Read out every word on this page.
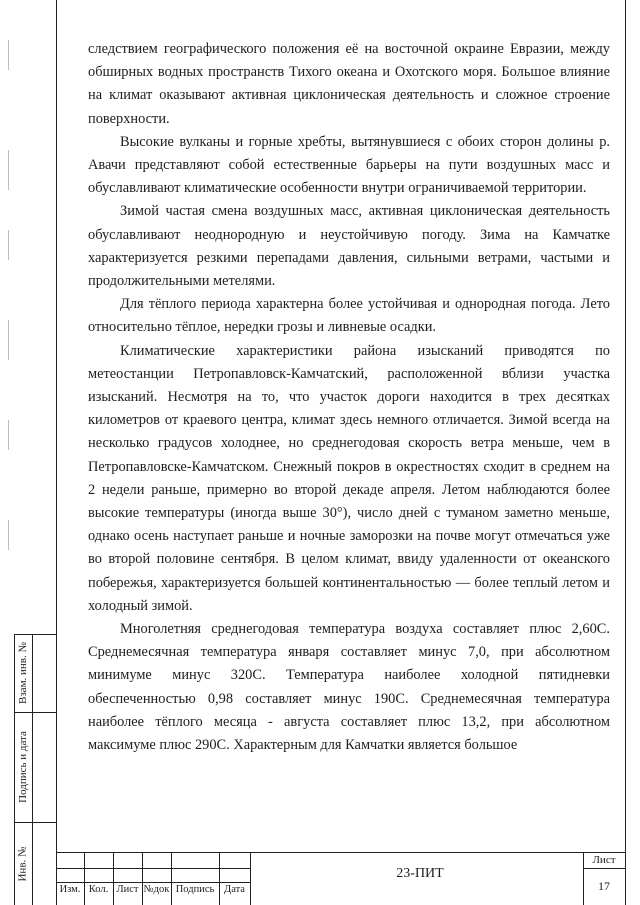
следствием географического положения её на восточной окраине Евразии, между обширных водных пространств Тихого океана и Охотского моря. Большое влияние на климат оказывают активная циклоническая деятельность и сложное строение поверхности.

Высокие вулканы и горные хребты, вытянувшиеся с обоих сторон долины р. Авачи представляют собой естественные барьеры на пути воздушных масс и обуславливают климатические особенности внутри ограничиваемой территории.

Зимой частая смена воздушных масс, активная циклоническая деятельность обуславливают неоднородную и неустойчивую погоду. Зима на Камчатке характеризуется резкими перепадами давления, сильными ветрами, частыми и продолжительными метелями.

Для тёплого периода характерна более устойчивая и однородная погода. Лето относительно тёплое, нередки грозы и ливневые осадки.

Климатические характеристики района изысканий приводятся по метеостанции Петропавловск-Камчатский, расположенной вблизи участка изысканий. Несмотря на то, что участок дороги находится в трех десятках километров от краевого центра, климат здесь немного отличается. Зимой всегда на несколько градусов холоднее, но среднегодовая скорость ветра меньше, чем в Петропавловске-Камчатском. Снежный покров в окрестностях сходит в среднем на 2 недели раньше, примерно во второй декаде апреля. Летом наблюдаются более высокие температуры (иногда выше 30°), число дней с туманом заметно меньше, однако осень наступает раньше и ночные заморозки на почве могут отмечаться уже во второй половине сентября. В целом климат, ввиду удаленности от океанского побережья, характеризуется большей континентальностью — более теплый летом и холодный зимой.

Многолетняя среднегодовая температура воздуха составляет плюс 2,60С. Среднемесячная температура января составляет минус 7,0, при абсолютном минимуме минус 320С. Температура наиболее холодной пятидневки обеспеченностью 0,98 составляет минус 190С. Среднемесячная температура наиболее тёплого месяца - августа составляет плюс 13,2, при абсолютном максимуме плюс 290С. Характерным для Камчатки является большое

Взам. инв. №
Подпись и дата
Инв. №
Изм. Кол. Лист №док Подпись Дата
23-ПИТ
Лист
17
